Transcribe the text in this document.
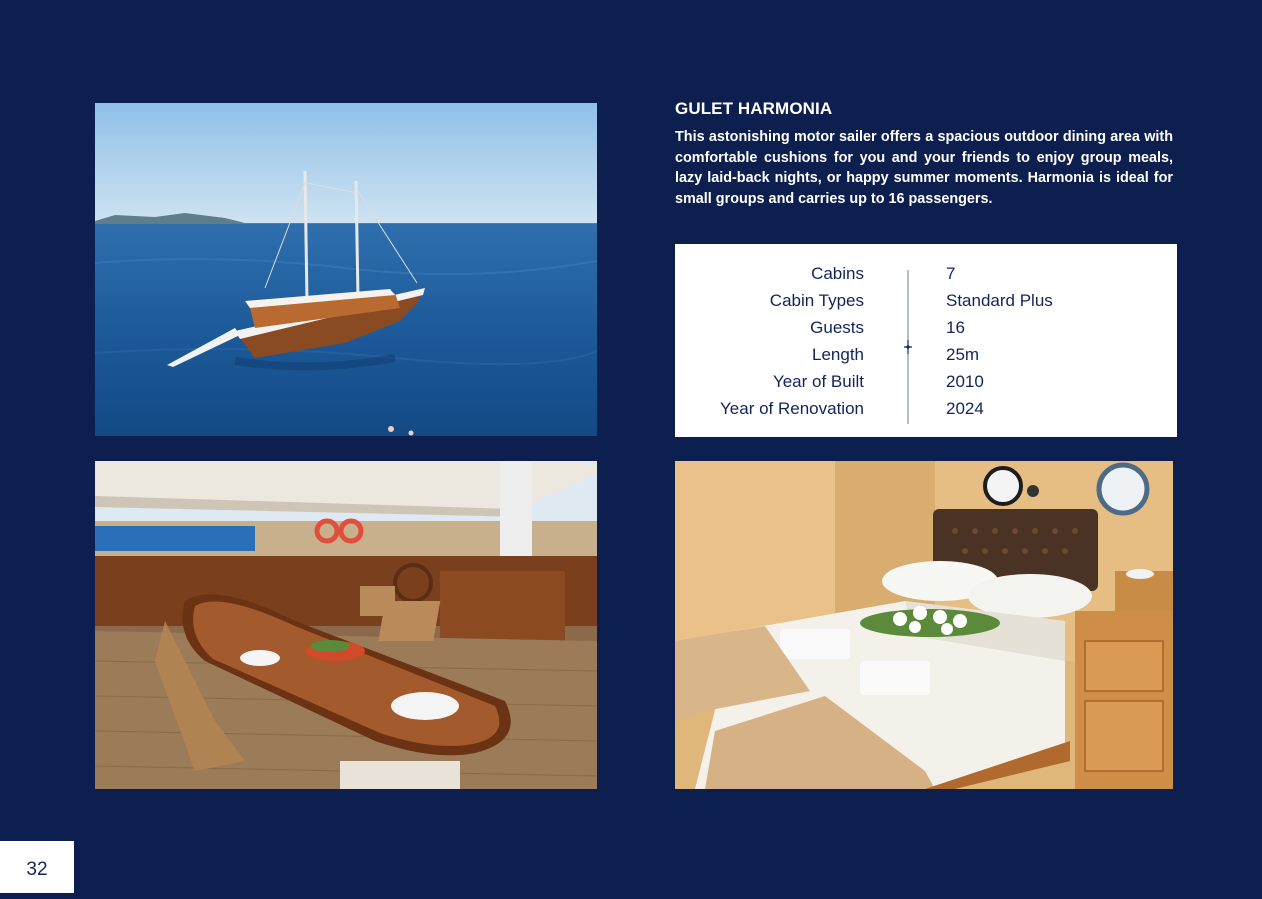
GULET HARMONIA
This astonishing motor sailer offers a spacious outdoor dining area with comfortable cushions for you and your friends to enjoy group meals, lazy laid-back nights, or happy summer moments. Harmonia is ideal for small groups and carries up to 16 passengers.
Cabins
Cabin Types
Guests
Length
Year of Built
Year of Renovation
7
Standard Plus
16
25m
2010
2024
32
